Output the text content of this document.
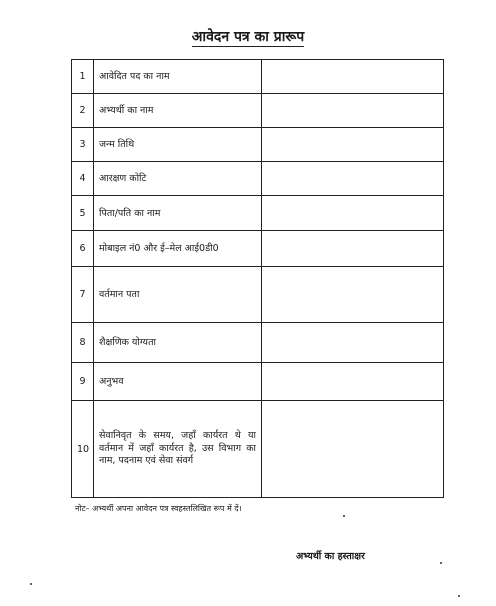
आवेदन पत्र का प्रारूप
1	आवेदित पद का नाम	
2	अभ्यर्थी का नाम	
3	जन्म तिथि	
4	आरक्षण कोटि	
5	पिता/पति का नाम	
6	मोबाइल नं0 और ई–मेल आई0डी0	
7	वर्तमान पता	
8	शैक्षणिक योग्यता	
9	अनुभव	
10	सेवानिवृत के समय, जहाँ कार्यरत थे या वर्तमान में जहाँ कार्यरत है, उस विभाग का नाम, पदनाम एवं सेवा संवर्ग	
नोट– अभ्यर्थी अपना आवेदन पत्र स्वहस्तलिखित रूप में दें।
अभ्यर्थी का हस्ताक्षर
